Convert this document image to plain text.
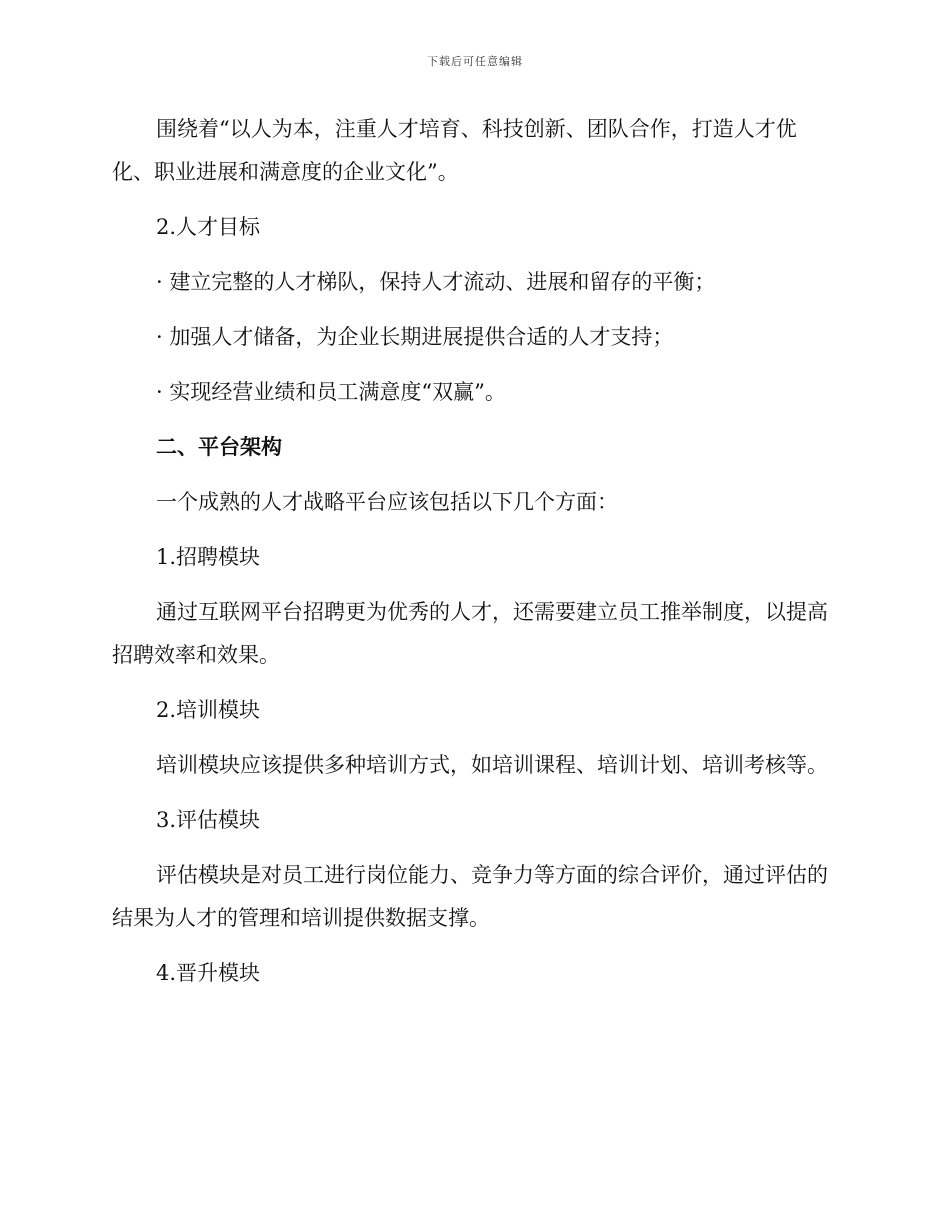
下载后可任意编辑

围绕着“以人为本，注重人才培育、科技创新、团队合作，打造人才优化、职业进展和满意度的企业文化”。

2.人才目标

· 建立完整的人才梯队，保持人才流动、进展和留存的平衡；

· 加强人才储备，为企业长期进展提供合适的人才支持；

· 实现经营业绩和员工满意度“双赢”。

二、平台架构

一个成熟的人才战略平台应该包括以下几个方面：

1.招聘模块

通过互联网平台招聘更为优秀的人才，还需要建立员工推举制度，以提高招聘效率和效果。

2.培训模块

培训模块应该提供多种培训方式，如培训课程、培训计划、培训考核等。

3.评估模块

评估模块是对员工进行岗位能力、竞争力等方面的综合评价，通过评估的结果为人才的管理和培训提供数据支撑。

4.晋升模块
